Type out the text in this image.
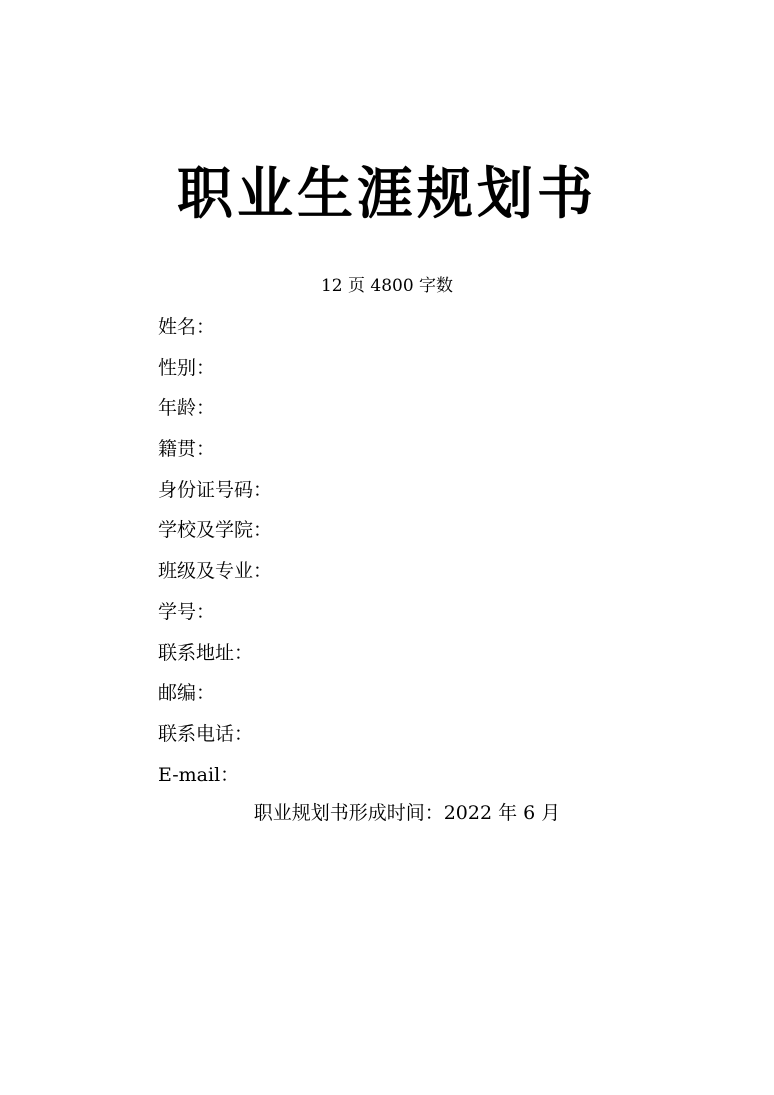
职业生涯规划书
12 页 4800 字数
姓名：
性别：
年龄：
籍贯：
身份证号码：
学校及学院：
班级及专业：
学号：
联系地址：
邮编：
联系电话：
E-mail：
职业规划书形成时间：2022 年 6 月
